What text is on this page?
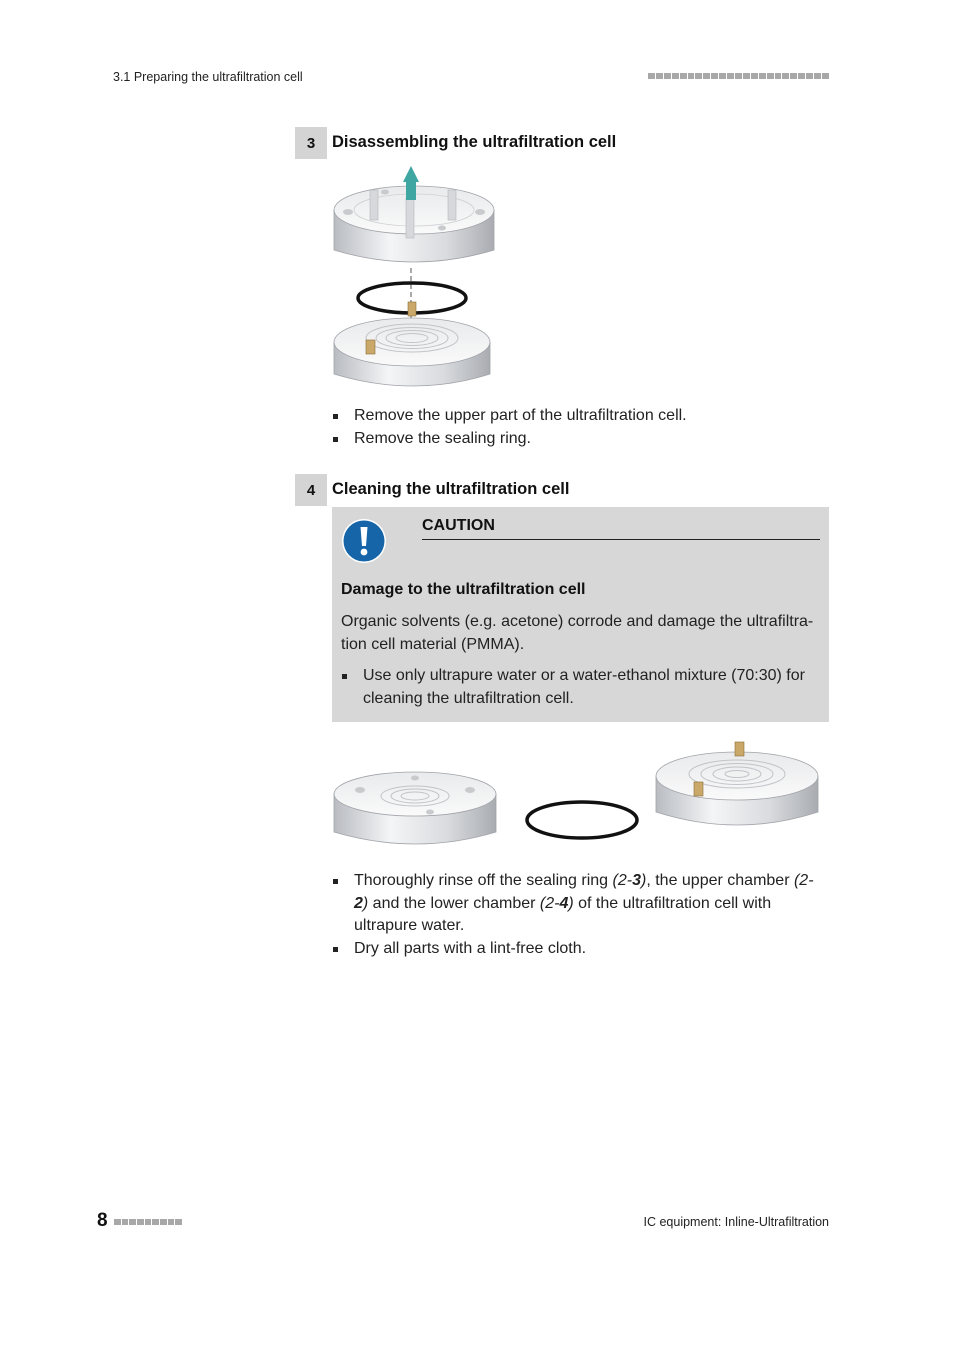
3.1 Preparing the ultrafiltration cell
3	Disassembling the ultrafiltration cell
Remove the upper part of the ultrafiltration cell.
Remove the sealing ring.
4	Cleaning the ultrafiltration cell
CAUTION
Damage to the ultrafiltration cell
Organic solvents (e.g. acetone) corrode and damage the ultrafiltra-tion cell material (PMMA).
Use only ultrapure water or a water-ethanol mixture (70:30) for cleaning the ultrafiltration cell.
Thoroughly rinse off the sealing ring (2-3), the upper chamber (2-2) and the lower chamber (2-4) of the ultrafiltration cell with ultrapure water.
Dry all parts with a lint-free cloth.
8	IC equipment: Inline-Ultrafiltration
